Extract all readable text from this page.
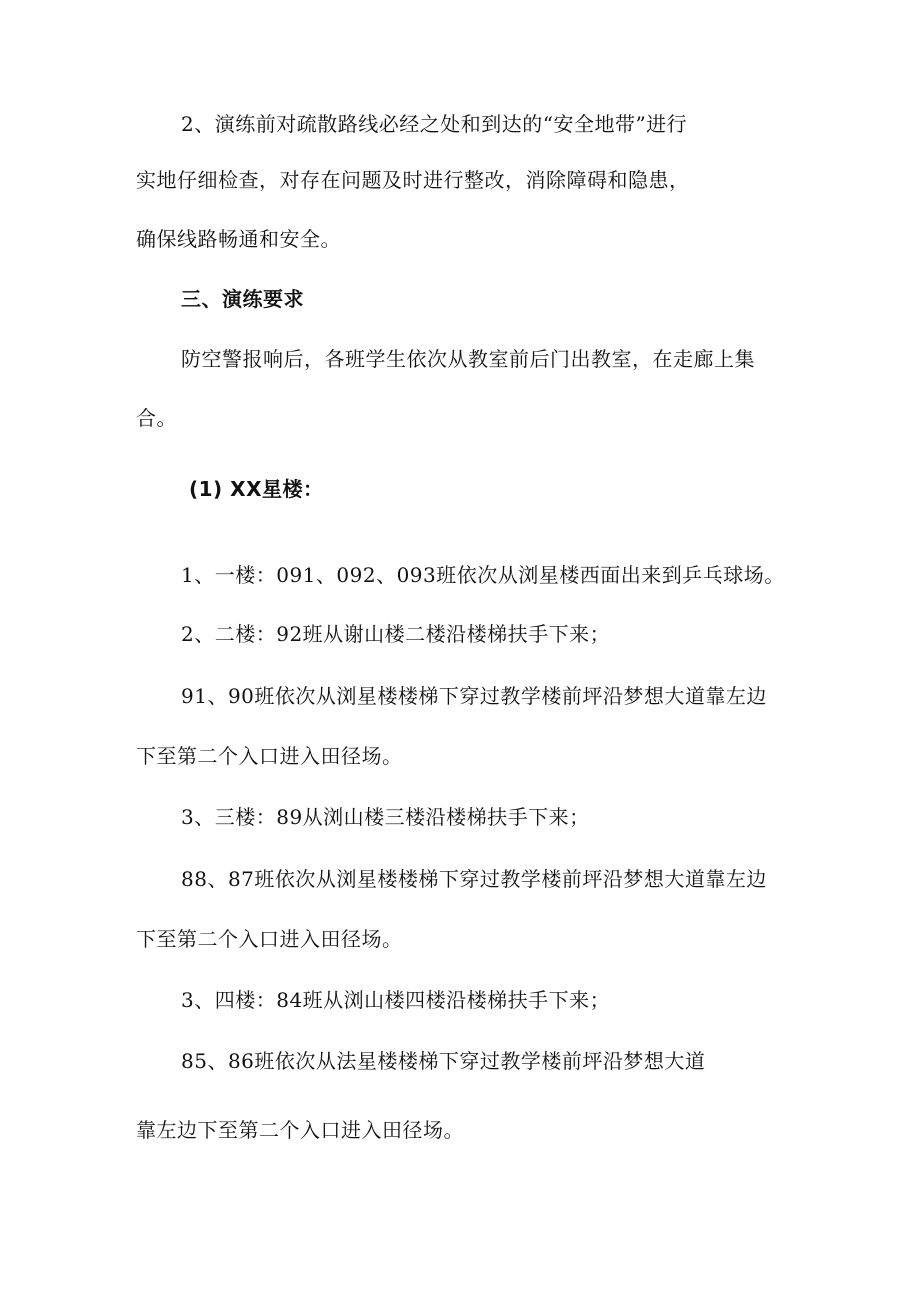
2、演练前对疏散路线必经之处和到达的“安全地带”进行
实地仔细检查，对存在问题及时进行整改，消除障碍和隐患，
确保线路畅通和安全。
三、演练要求
防空警报响后，各班学生依次从教室前后门出教室，在走廊上集
合。
(1) XX星楼：
1、一楼：091、092、093班依次从浏星楼西面出来到乒乓球场。
2、二楼：92班从谢山楼二楼沿楼梯扶手下来；
91、90班依次从浏星楼楼梯下穿过教学楼前坪沿梦想大道靠左边
下至第二个入口进入田径场。
3、三楼：89从浏山楼三楼沿楼梯扶手下来；
88、87班依次从浏星楼楼梯下穿过教学楼前坪沿梦想大道靠左边
下至第二个入口进入田径场。
3、四楼：84班从浏山楼四楼沿楼梯扶手下来；
85、86班依次从法星楼楼梯下穿过教学楼前坪沿梦想大道
靠左边下至第二个入口进入田径场。
